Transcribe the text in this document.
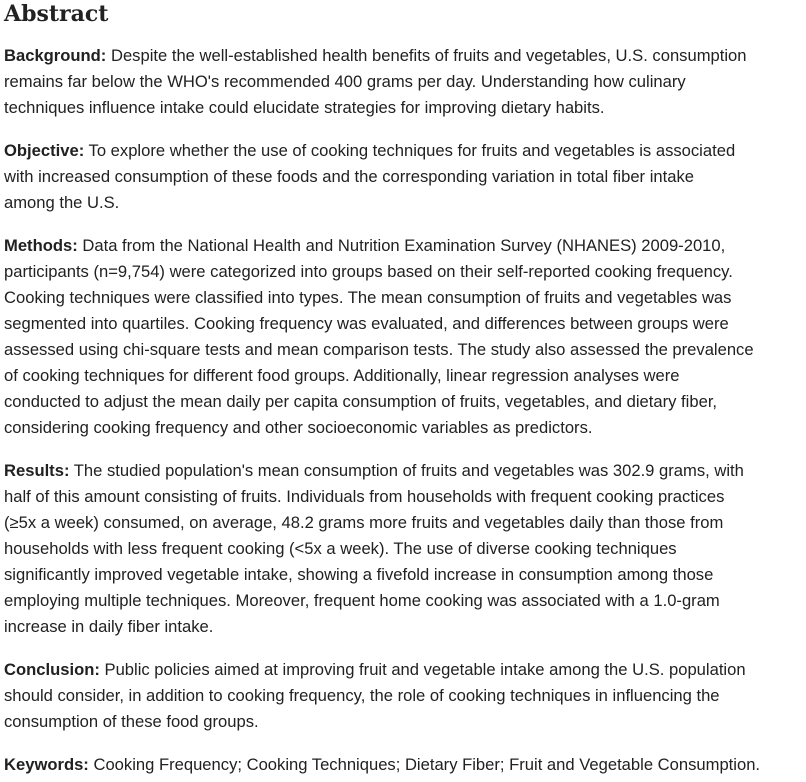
Abstract

Background: Despite the well-established health benefits of fruits and vegetables, U.S. consumption
remains far below the WHO's recommended 400 grams per day. Understanding how culinary
techniques influence intake could elucidate strategies for improving dietary habits.

Objective: To explore whether the use of cooking techniques for fruits and vegetables is associated
with increased consumption of these foods and the corresponding variation in total fiber intake
among the U.S.

Methods: Data from the National Health and Nutrition Examination Survey (NHANES) 2009-2010,
participants (n=9,754) were categorized into groups based on their self-reported cooking frequency.
Cooking techniques were classified into types. The mean consumption of fruits and vegetables was
segmented into quartiles. Cooking frequency was evaluated, and differences between groups were
assessed using chi-square tests and mean comparison tests. The study also assessed the prevalence
of cooking techniques for different food groups. Additionally, linear regression analyses were
conducted to adjust the mean daily per capita consumption of fruits, vegetables, and dietary fiber,
considering cooking frequency and other socioeconomic variables as predictors.

Results: The studied population's mean consumption of fruits and vegetables was 302.9 grams, with
half of this amount consisting of fruits. Individuals from households with frequent cooking practices
(≥5x a week) consumed, on average, 48.2 grams more fruits and vegetables daily than those from
households with less frequent cooking (<5x a week). The use of diverse cooking techniques
significantly improved vegetable intake, showing a fivefold increase in consumption among those
employing multiple techniques. Moreover, frequent home cooking was associated with a 1.0-gram
increase in daily fiber intake.

Conclusion: Public policies aimed at improving fruit and vegetable intake among the U.S. population
should consider, in addition to cooking frequency, the role of cooking techniques in influencing the
consumption of these food groups.

Keywords: Cooking Frequency; Cooking Techniques; Dietary Fiber; Fruit and Vegetable Consumption.
